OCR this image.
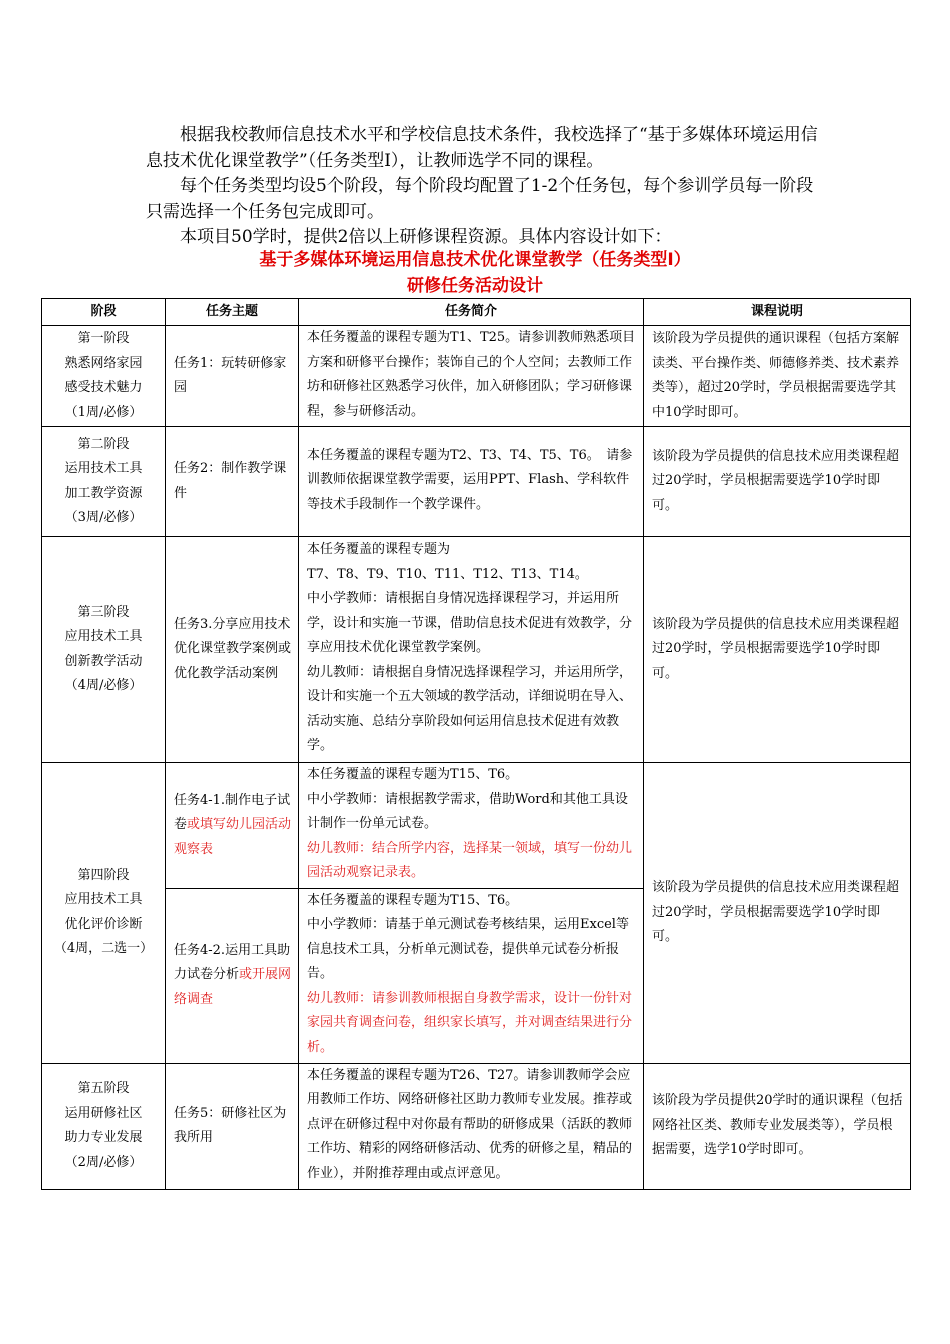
根据我校教师信息技术水平和学校信息技术条件，我校选择了“基于多媒体环境运用信息技术优化课堂教学”（任务类型Ⅰ），让教师选学不同的课程。

每个任务类型均设5个阶段，每个阶段均配置了1-2个任务包，每个参训学员每一阶段只需选择一个任务包完成即可。

本项目50学时，提供2倍以上研修课程资源。具体内容设计如下：

基于多媒体环境运用信息技术优化课堂教学（任务类型Ⅰ）
研修任务活动设计
阶段	任务主题	任务简介	课程说明

第一阶段
熟悉网络家园
感受技术魅力
（1周/必修）	任务1：玩转研修家园	本任务覆盖的课程专题为T1、T25。请参训教师熟悉项目方案和研修平台操作；装饰自己的个人空间；去教师工作坊和研修社区熟悉学习伙伴，加入研修团队；学习研修课程，参与研修活动。	该阶段为学员提供的通识课程（包括方案解读类、平台操作类、师德修养类、技术素养类等），超过20学时，学员根据需要选学其中10学时即可。

第二阶段
运用技术工具
加工教学资源
（3周/必修）	任务2：制作教学课件	本任务覆盖的课程专题为T2、T3、T4、T5、T6。　请参训教师依据课堂教学需要，运用PPT、Flash、学科软件等技术手段制作一个教学课件。	该阶段为学员提供的信息技术应用类课程超过20学时，学员根据需要选学10学时即可。

第三阶段
应用技术工具
创新教学活动
（4周/必修）	任务3.分享应用技术优化课堂教学案例或优化教学活动案例	本任务覆盖的课程专题为
T7、T8、T9、T10、T11、T12、T13、T14。
中小学教师：请根据自身情况选择课程学习，并运用所学，设计和实施一节课，借助信息技术促进有效教学，分享应用技术优化课堂教学案例。
幼儿教师：请根据自身情况选择课程学习，并运用所学，设计和实施一个五大领域的教学活动，详细说明在导入、活动实施、总结分享阶段如何运用信息技术促进有效教学。	该阶段为学员提供的信息技术应用类课程超过20学时，学员根据需要选学10学时即可。

第四阶段
应用技术工具
优化评价诊断
（4周，二选一）	任务4-1.制作电子试卷或填写幼儿园活动观察表	本任务覆盖的课程专题为T15、T6。
中小学教师：请根据教学需求，借助Word和其他工具设计制作一份单元试卷。
幼儿教师：结合所学内容，选择某一领域，填写一份幼儿园活动观察记录表。	该阶段为学员提供的信息技术应用类课程超过20学时，学员根据需要选学10学时即可。
	任务4-2.运用工具助力试卷分析或开展网络调查	本任务覆盖的课程专题为T15、T6。
中小学教师：请基于单元测试卷考核结果，运用Excel等信息技术工具，分析单元测试卷，提供单元试卷分析报告。
幼儿教师：请参训教师根据自身教学需求，设计一份针对家园共育调查问卷，组织家长填写，并对调查结果进行分析。	

第五阶段
运用研修社区
助力专业发展
（2周/必修）	任务5：研修社区为我所用	本任务覆盖的课程专题为T26、T27。请参训教师学会应用教师工作坊、网络研修社区助力教师专业发展。推荐或点评在研修过程中对你最有帮助的研修成果（活跃的教师工作坊、精彩的网络研修活动、优秀的研修之星，精品的作业），并附推荐理由或点评意见。	该阶段为学员提供20学时的通识课程（包括网络社区类、教师专业发展类等），学员根据需要，选学10学时即可。
